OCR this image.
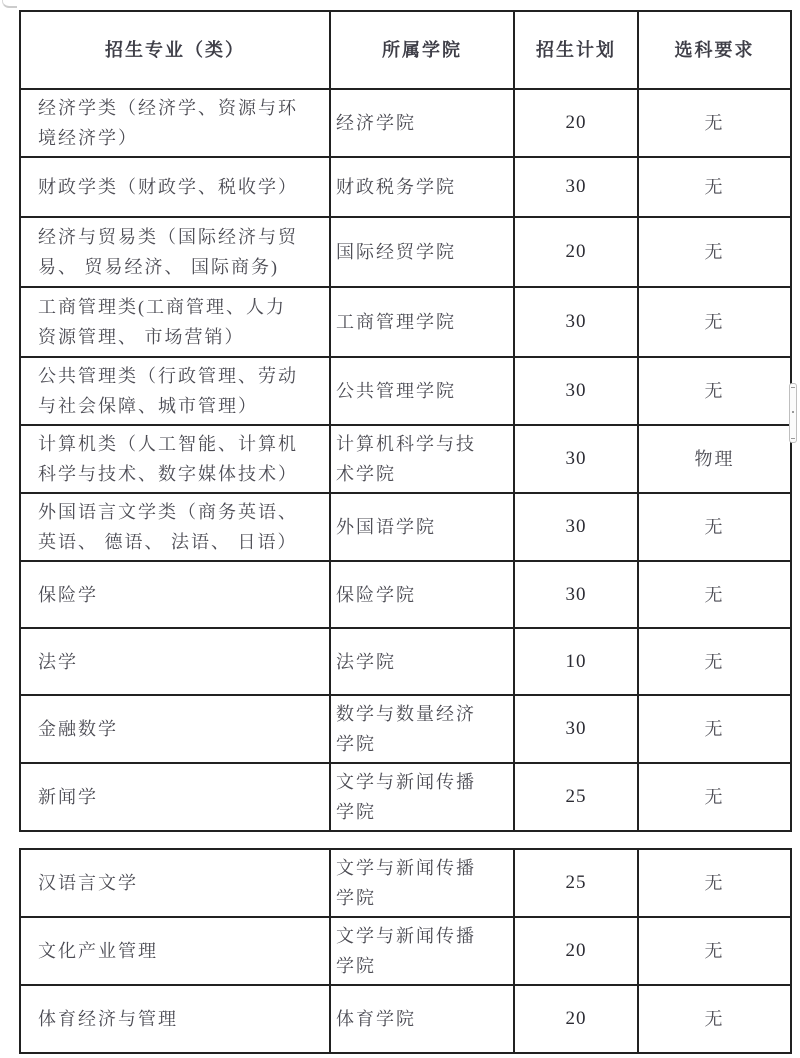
招生专业（类）	所属学院	招生计划	选科要求
经济学类（经济学、资源与环境经济学）	经济学院	20	无
财政学类（财政学、税收学）	财政税务学院	30	无
经济与贸易类（国际经济与贸易、 贸易经济、 国际商务)	国际经贸学院	20	无
工商管理类(工商管理、人力资源管理、 市场营销）	工商管理学院	30	无
公共管理类（行政管理、劳动与社会保障、城市管理）	公共管理学院	30	无
计算机类（人工智能、计算机科学与技术、数字媒体技术）	计算机科学与技术学院	30	物理
外国语言文学类（商务英语、英语、 德语、 法语、 日语）	外国语学院	30	无
保险学	保险学院	30	无
法学	法学院	10	无
金融数学	数学与数量经济学院	30	无
新闻学	文学与新闻传播学院	25	无
汉语言文学	文学与新闻传播学院	25	无
文化产业管理	文学与新闻传播学院	20	无
体育经济与管理	体育学院	20	无
